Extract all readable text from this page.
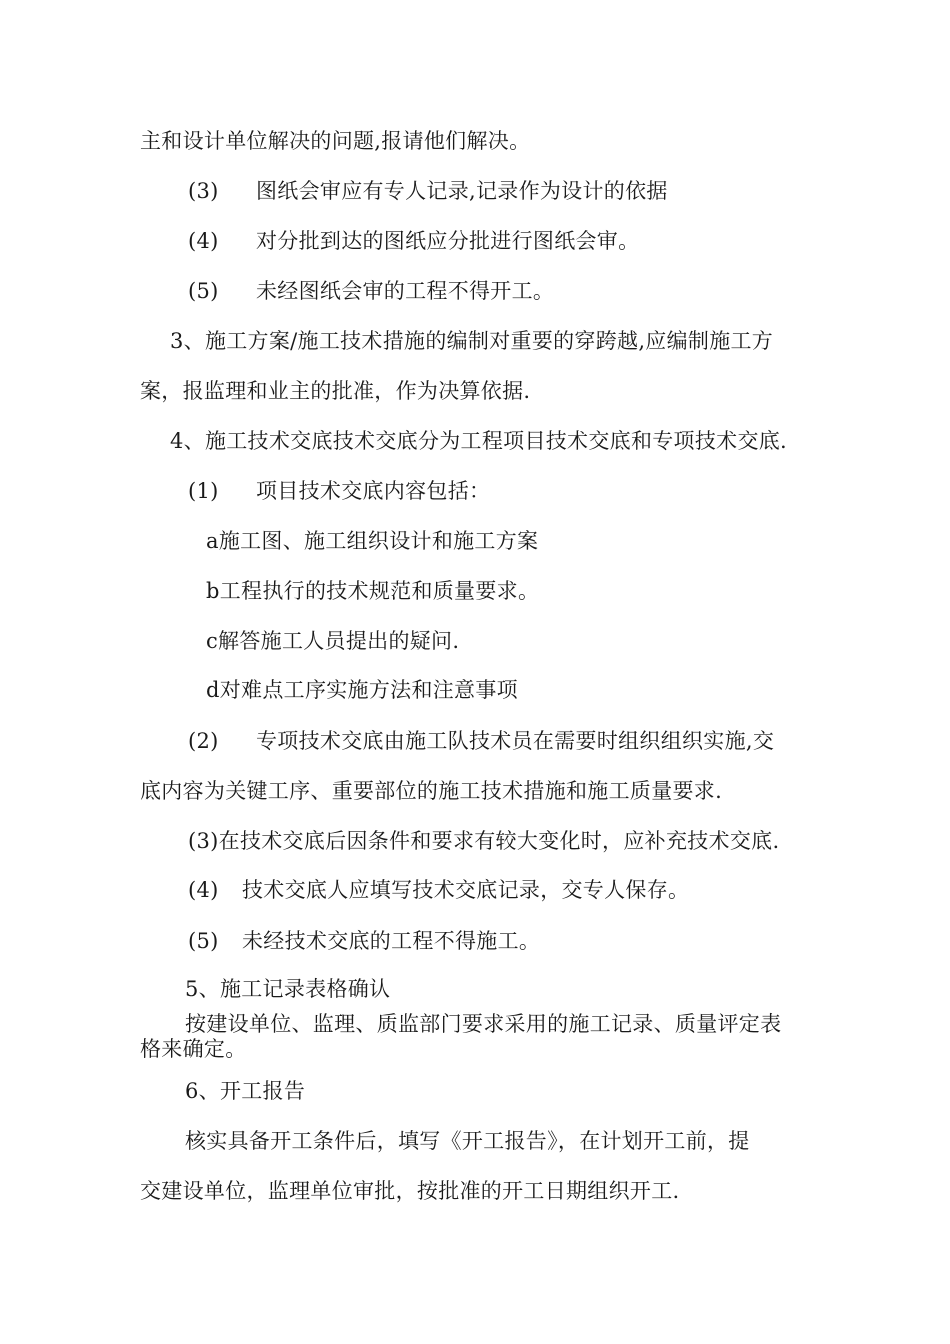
主和设计单位解决的问题,报请他们解决。
(3) 图纸会审应有专人记录,记录作为设计的依据
(4) 对分批到达的图纸应分批进行图纸会审。
(5) 未经图纸会审的工程不得开工。
3、施工方案/施工技术措施的编制对重要的穿跨越,应编制施工方
案，报监理和业主的批准，作为决算依据.
4、施工技术交底技术交底分为工程项目技术交底和专项技术交底.
(1) 项目技术交底内容包括：
a施工图、施工组织设计和施工方案
b工程执行的技术规范和质量要求。
c解答施工人员提出的疑问.
d对难点工序实施方法和注意事项
(2) 专项技术交底由施工队技术员在需要时组织组织实施,交
底内容为关键工序、重要部位的施工技术措施和施工质量要求.
(3)在技术交底后因条件和要求有较大变化时，应补充技术交底.
(4) 技术交底人应填写技术交底记录，交专人保存。
(5) 未经技术交底的工程不得施工。
5、施工记录表格确认
按建设单位、监理、质监部门要求采用的施工记录、质量评定表
格来确定。
6、开工报告
核实具备开工条件后，填写《开工报告》，在计划开工前，提
交建设单位，监理单位审批，按批准的开工日期组织开工.
